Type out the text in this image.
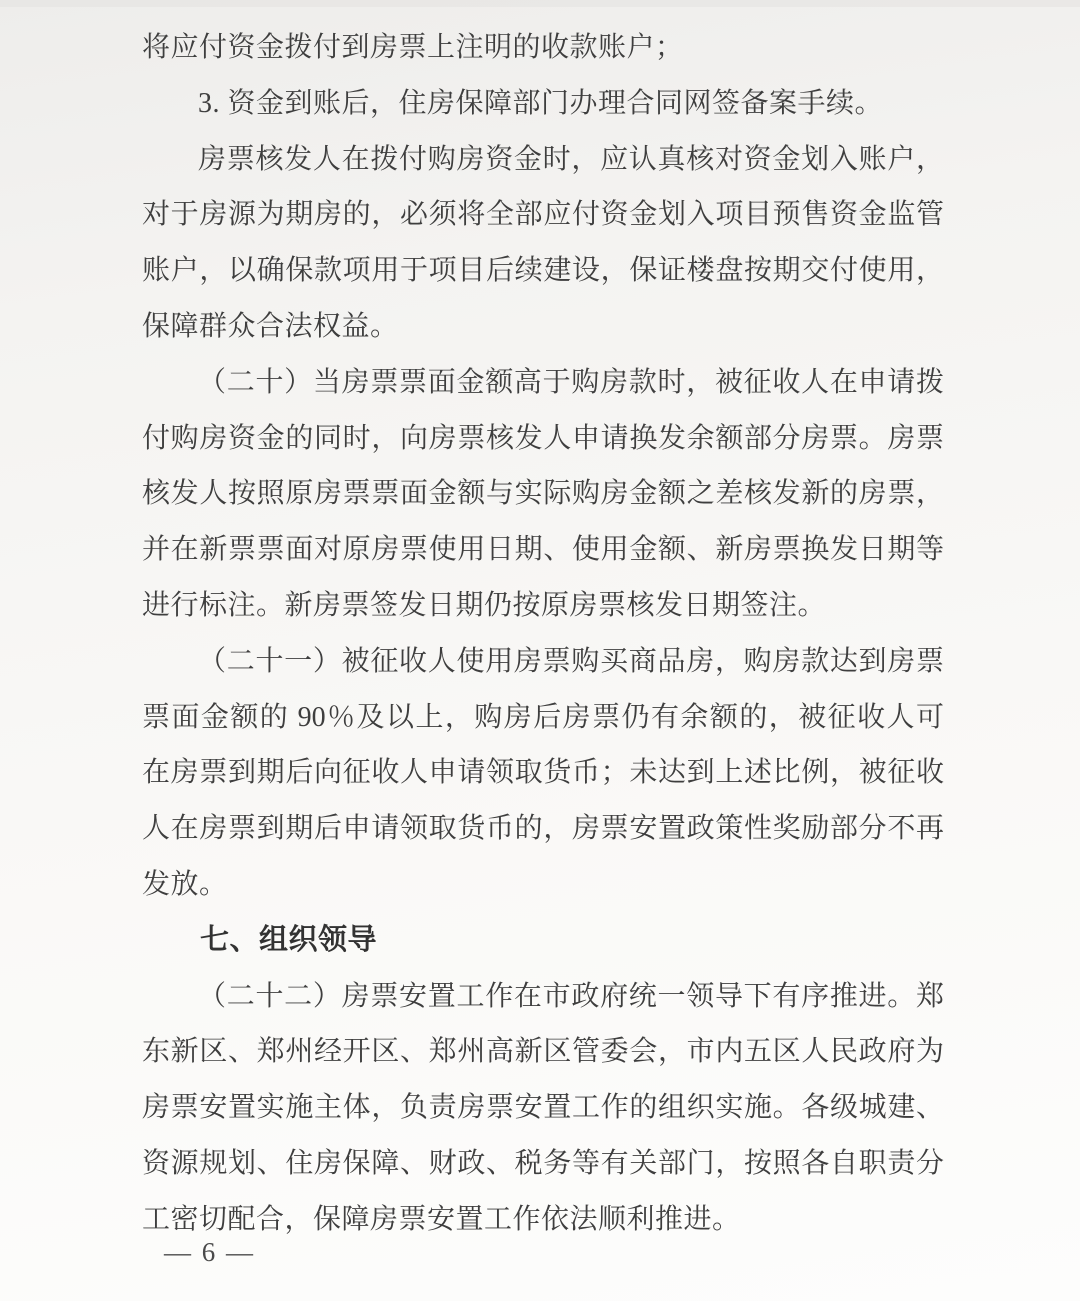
将应付资金拨付到房票上注明的收款账户；
3. 资金到账后，住房保障部门办理合同网签备案手续。
房票核发人在拨付购房资金时，应认真核对资金划入账户，
对于房源为期房的，必须将全部应付资金划入项目预售资金监管
账户，以确保款项用于项目后续建设，保证楼盘按期交付使用，
保障群众合法权益。
（二十）当房票票面金额高于购房款时，被征收人在申请拨
付购房资金的同时，向房票核发人申请换发余额部分房票。房票
核发人按照原房票票面金额与实际购房金额之差核发新的房票，
并在新票票面对原房票使用日期、使用金额、新房票换发日期等
进行标注。新房票签发日期仍按原房票核发日期签注。
（二十一）被征收人使用房票购买商品房，购房款达到房票
票面金额的 90％及以上，购房后房票仍有余额的，被征收人可
在房票到期后向征收人申请领取货币；未达到上述比例，被征收
人在房票到期后申请领取货币的，房票安置政策性奖励部分不再
发放。
七、组织领导
（二十二）房票安置工作在市政府统一领导下有序推进。郑
东新区、郑州经开区、郑州高新区管委会，市内五区人民政府为
房票安置实施主体，负责房票安置工作的组织实施。各级城建、
资源规划、住房保障、财政、税务等有关部门，按照各自职责分
工密切配合，保障房票安置工作依法顺利推进。
— 6 —
